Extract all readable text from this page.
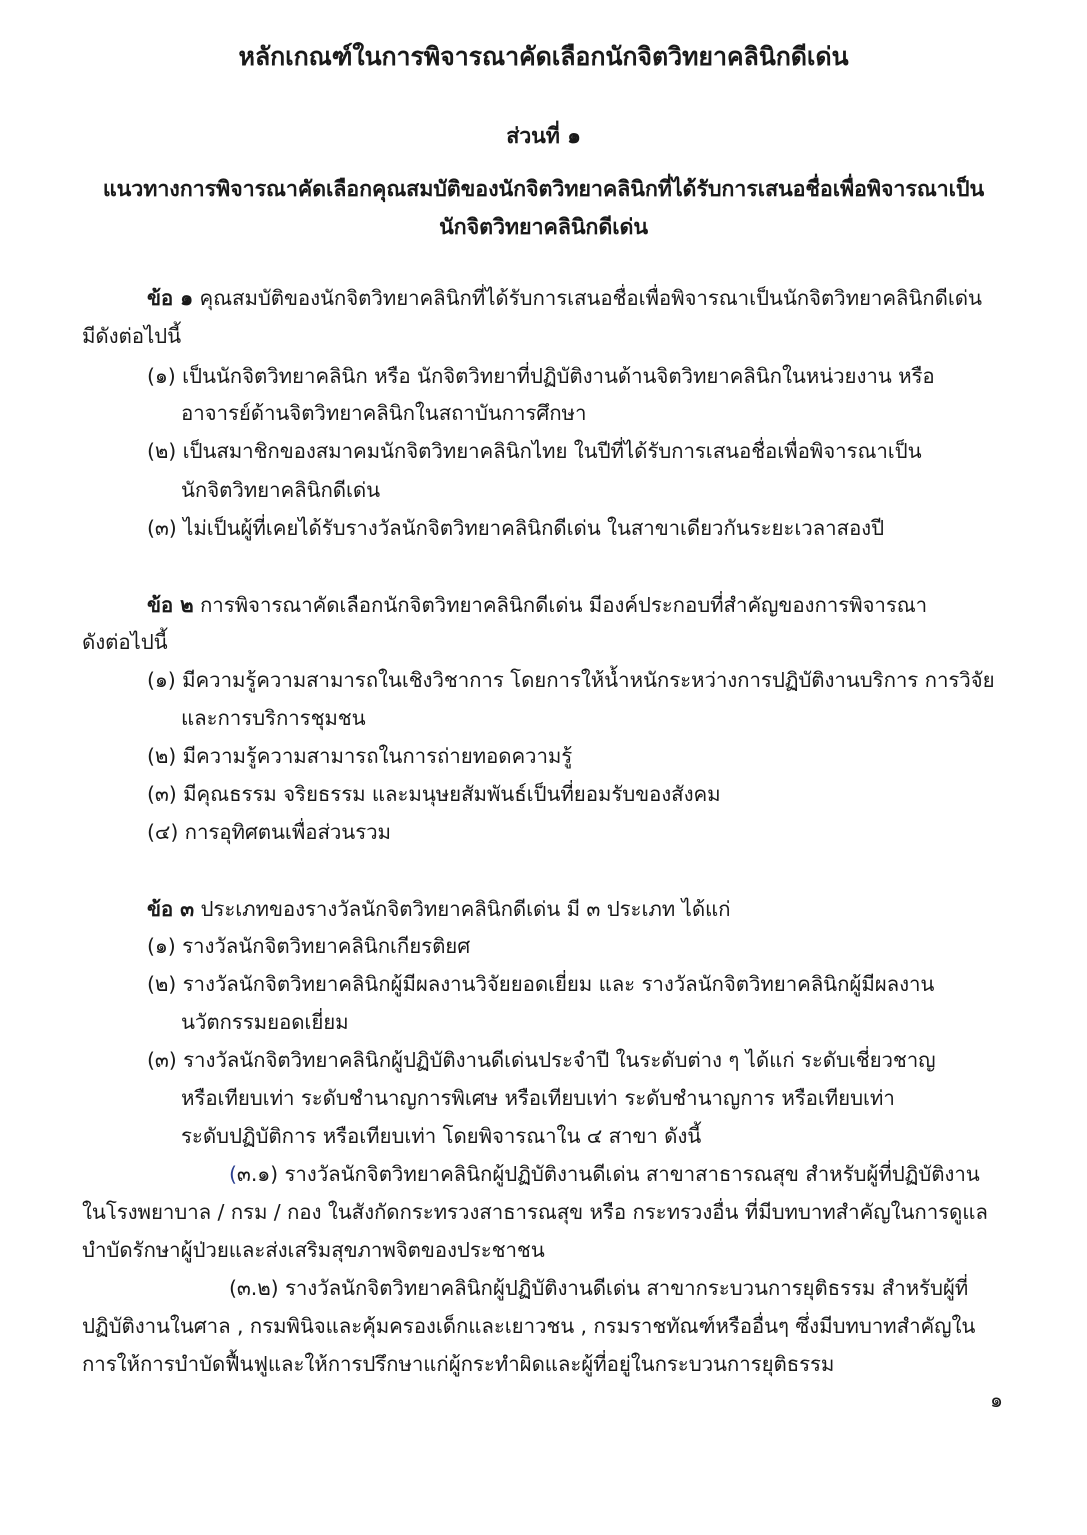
หลักเกณฑ์ในการพิจารณาคัดเลือกนักจิตวิทยาคลินิกดีเด่น
ส่วนที่ ๑
แนวทางการพิจารณาคัดเลือกคุณสมบัติของนักจิตวิทยาคลินิกที่ได้รับการเสนอชื่อเพื่อพิจารณาเป็น
นักจิตวิทยาคลินิกดีเด่น
ข้อ ๑ คุณสมบัติของนักจิตวิทยาคลินิกที่ได้รับการเสนอชื่อเพื่อพิจารณาเป็นนักจิตวิทยาคลินิกดีเด่น
มีดังต่อไปนี้
(๑) เป็นนักจิตวิทยาคลินิก หรือ นักจิตวิทยาที่ปฏิบัติงานด้านจิตวิทยาคลินิกในหน่วยงาน หรือ
อาจารย์ด้านจิตวิทยาคลินิกในสถาบันการศึกษา
(๒) เป็นสมาชิกของสมาคมนักจิตวิทยาคลินิกไทย ในปีที่ได้รับการเสนอชื่อเพื่อพิจารณาเป็น
นักจิตวิทยาคลินิกดีเด่น
(๓) ไม่เป็นผู้ที่เคยได้รับรางวัลนักจิตวิทยาคลินิกดีเด่น ในสาขาเดียวกันระยะเวลาสองปี
ข้อ ๒ การพิจารณาคัดเลือกนักจิตวิทยาคลินิกดีเด่น มีองค์ประกอบที่สำคัญของการพิจารณา
ดังต่อไปนี้
(๑) มีความรู้ความสามารถในเชิงวิชาการ โดยการให้น้ำหนักระหว่างการปฏิบัติงานบริการ การวิจัย
และการบริการชุมชน
(๒) มีความรู้ความสามารถในการถ่ายทอดความรู้
(๓) มีคุณธรรม จริยธรรม และมนุษยสัมพันธ์เป็นที่ยอมรับของสังคม
(๔) การอุทิศตนเพื่อส่วนรวม
ข้อ ๓ ประเภทของรางวัลนักจิตวิทยาคลินิกดีเด่น มี ๓ ประเภท ได้แก่
(๑) รางวัลนักจิตวิทยาคลินิกเกียรติยศ
(๒) รางวัลนักจิตวิทยาคลินิกผู้มีผลงานวิจัยยอดเยี่ยม และ รางวัลนักจิตวิทยาคลินิกผู้มีผลงาน
นวัตกรรมยอดเยี่ยม
(๓) รางวัลนักจิตวิทยาคลินิกผู้ปฏิบัติงานดีเด่นประจำปี ในระดับต่าง ๆ ได้แก่ ระดับเชี่ยวชาญ
หรือเทียบเท่า ระดับชำนาญการพิเศษ หรือเทียบเท่า ระดับชำนาญการ หรือเทียบเท่า
ระดับปฏิบัติการ หรือเทียบเท่า โดยพิจารณาใน ๔ สาขา ดังนี้
(๓.๑) รางวัลนักจิตวิทยาคลินิกผู้ปฏิบัติงานดีเด่น สาขาสาธารณสุข สำหรับผู้ที่ปฏิบัติงาน
ในโรงพยาบาล / กรม / กอง ในสังกัดกระทรวงสาธารณสุข หรือ กระทรวงอื่น ที่มีบทบาทสำคัญในการดูแล
บำบัดรักษาผู้ป่วยและส่งเสริมสุขภาพจิตของประชาชน
(๓.๒) รางวัลนักจิตวิทยาคลินิกผู้ปฏิบัติงานดีเด่น สาขากระบวนการยุติธรรม สำหรับผู้ที่
ปฏิบัติงานในศาล , กรมพินิจและคุ้มครองเด็กและเยาวชน , กรมราชทัณฑ์หรืออื่นๆ ซึ่งมีบทบาทสำคัญใน
การให้การบำบัดฟื้นฟูและให้การปรึกษาแก่ผู้กระทำผิดและผู้ที่อยู่ในกระบวนการยุติธรรม
๑
